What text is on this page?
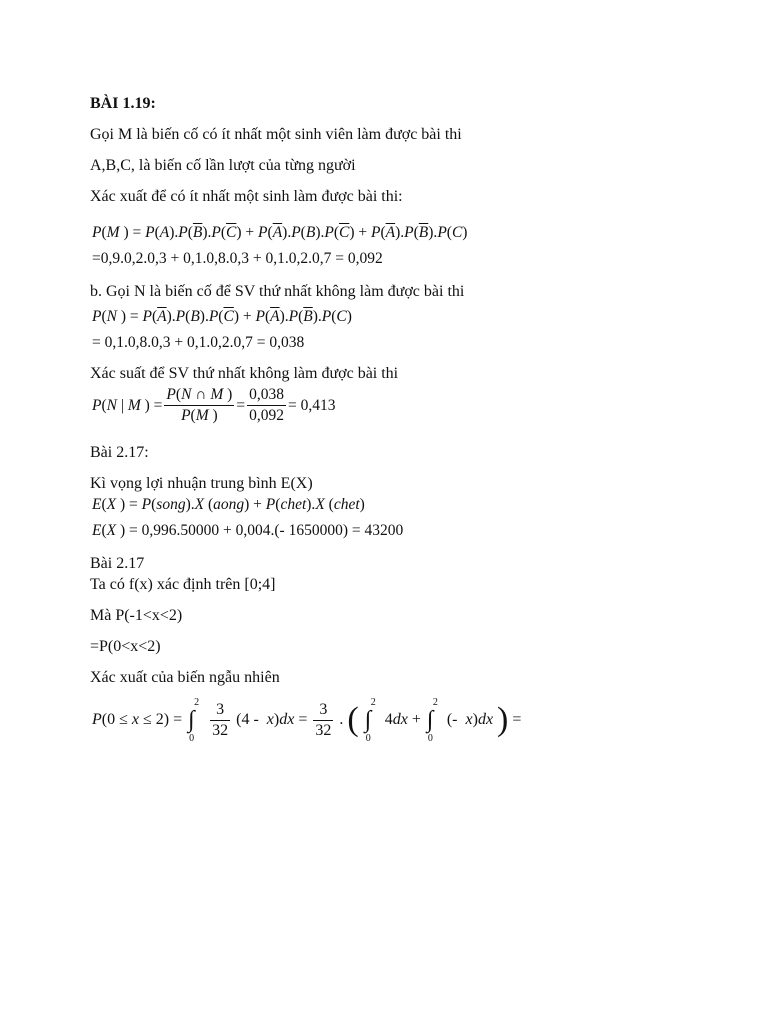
BÀI 1.19:
Gọi M là biến cố có ít nhất một sinh viên làm được bài thi
A,B,C, là biến cố lần lượt của từng người
Xác xuất để có ít nhất một sinh làm được bài thi:
P(M ) = $P(A).P(\overline{B}).P(\overline{C}) + P(\overline{A}).P(B).P(\overline{C}) + P(\overline{A}).P(\overline{B}).P(C)$
=0,9.0,2.0,3 + 0,1.0,8.0,3 + 0,1.0,2.0,7 = 0,092
b. Gọi N là biến cố để SV thứ nhất không làm được bài thi
P(N ) = $P(\overline{A}).P(B).P(\overline{C}) + P(\overline{A}).P(\overline{B}).P(C)$
= 0,1.0,8.0,3 + 0,1.0,2.0,7 = 0,038
Xác suất để SV thứ nhất không làm được bài thi
P(N | M ) = $\frac{P(N \cap M )}{P(M )} = \frac{0,038}{0,092} = 0,413$
Bài 2.17:
Kì vọng lợi nhuận trung bình E(X)
E(X ) = P(song).X (aong) + P(chet).X (chet)
E(X ) = 0,996.50000 + 0,004.(- 1650000) = 43200
Bài 2.17
Ta có f(x) xác định trên [0;4]
Mà P(-1<x<2)
=P(0<x<2)
Xác xuất của biến ngẫu nhiên
P(0 ≤ x ≤ 2) = ∫
2
0
$\frac{3}{32} (4 - x)dx = \frac{3}{32}$ . ( ∫
2
0
4dx + ∫
2
0
(-  x)dx ) =
